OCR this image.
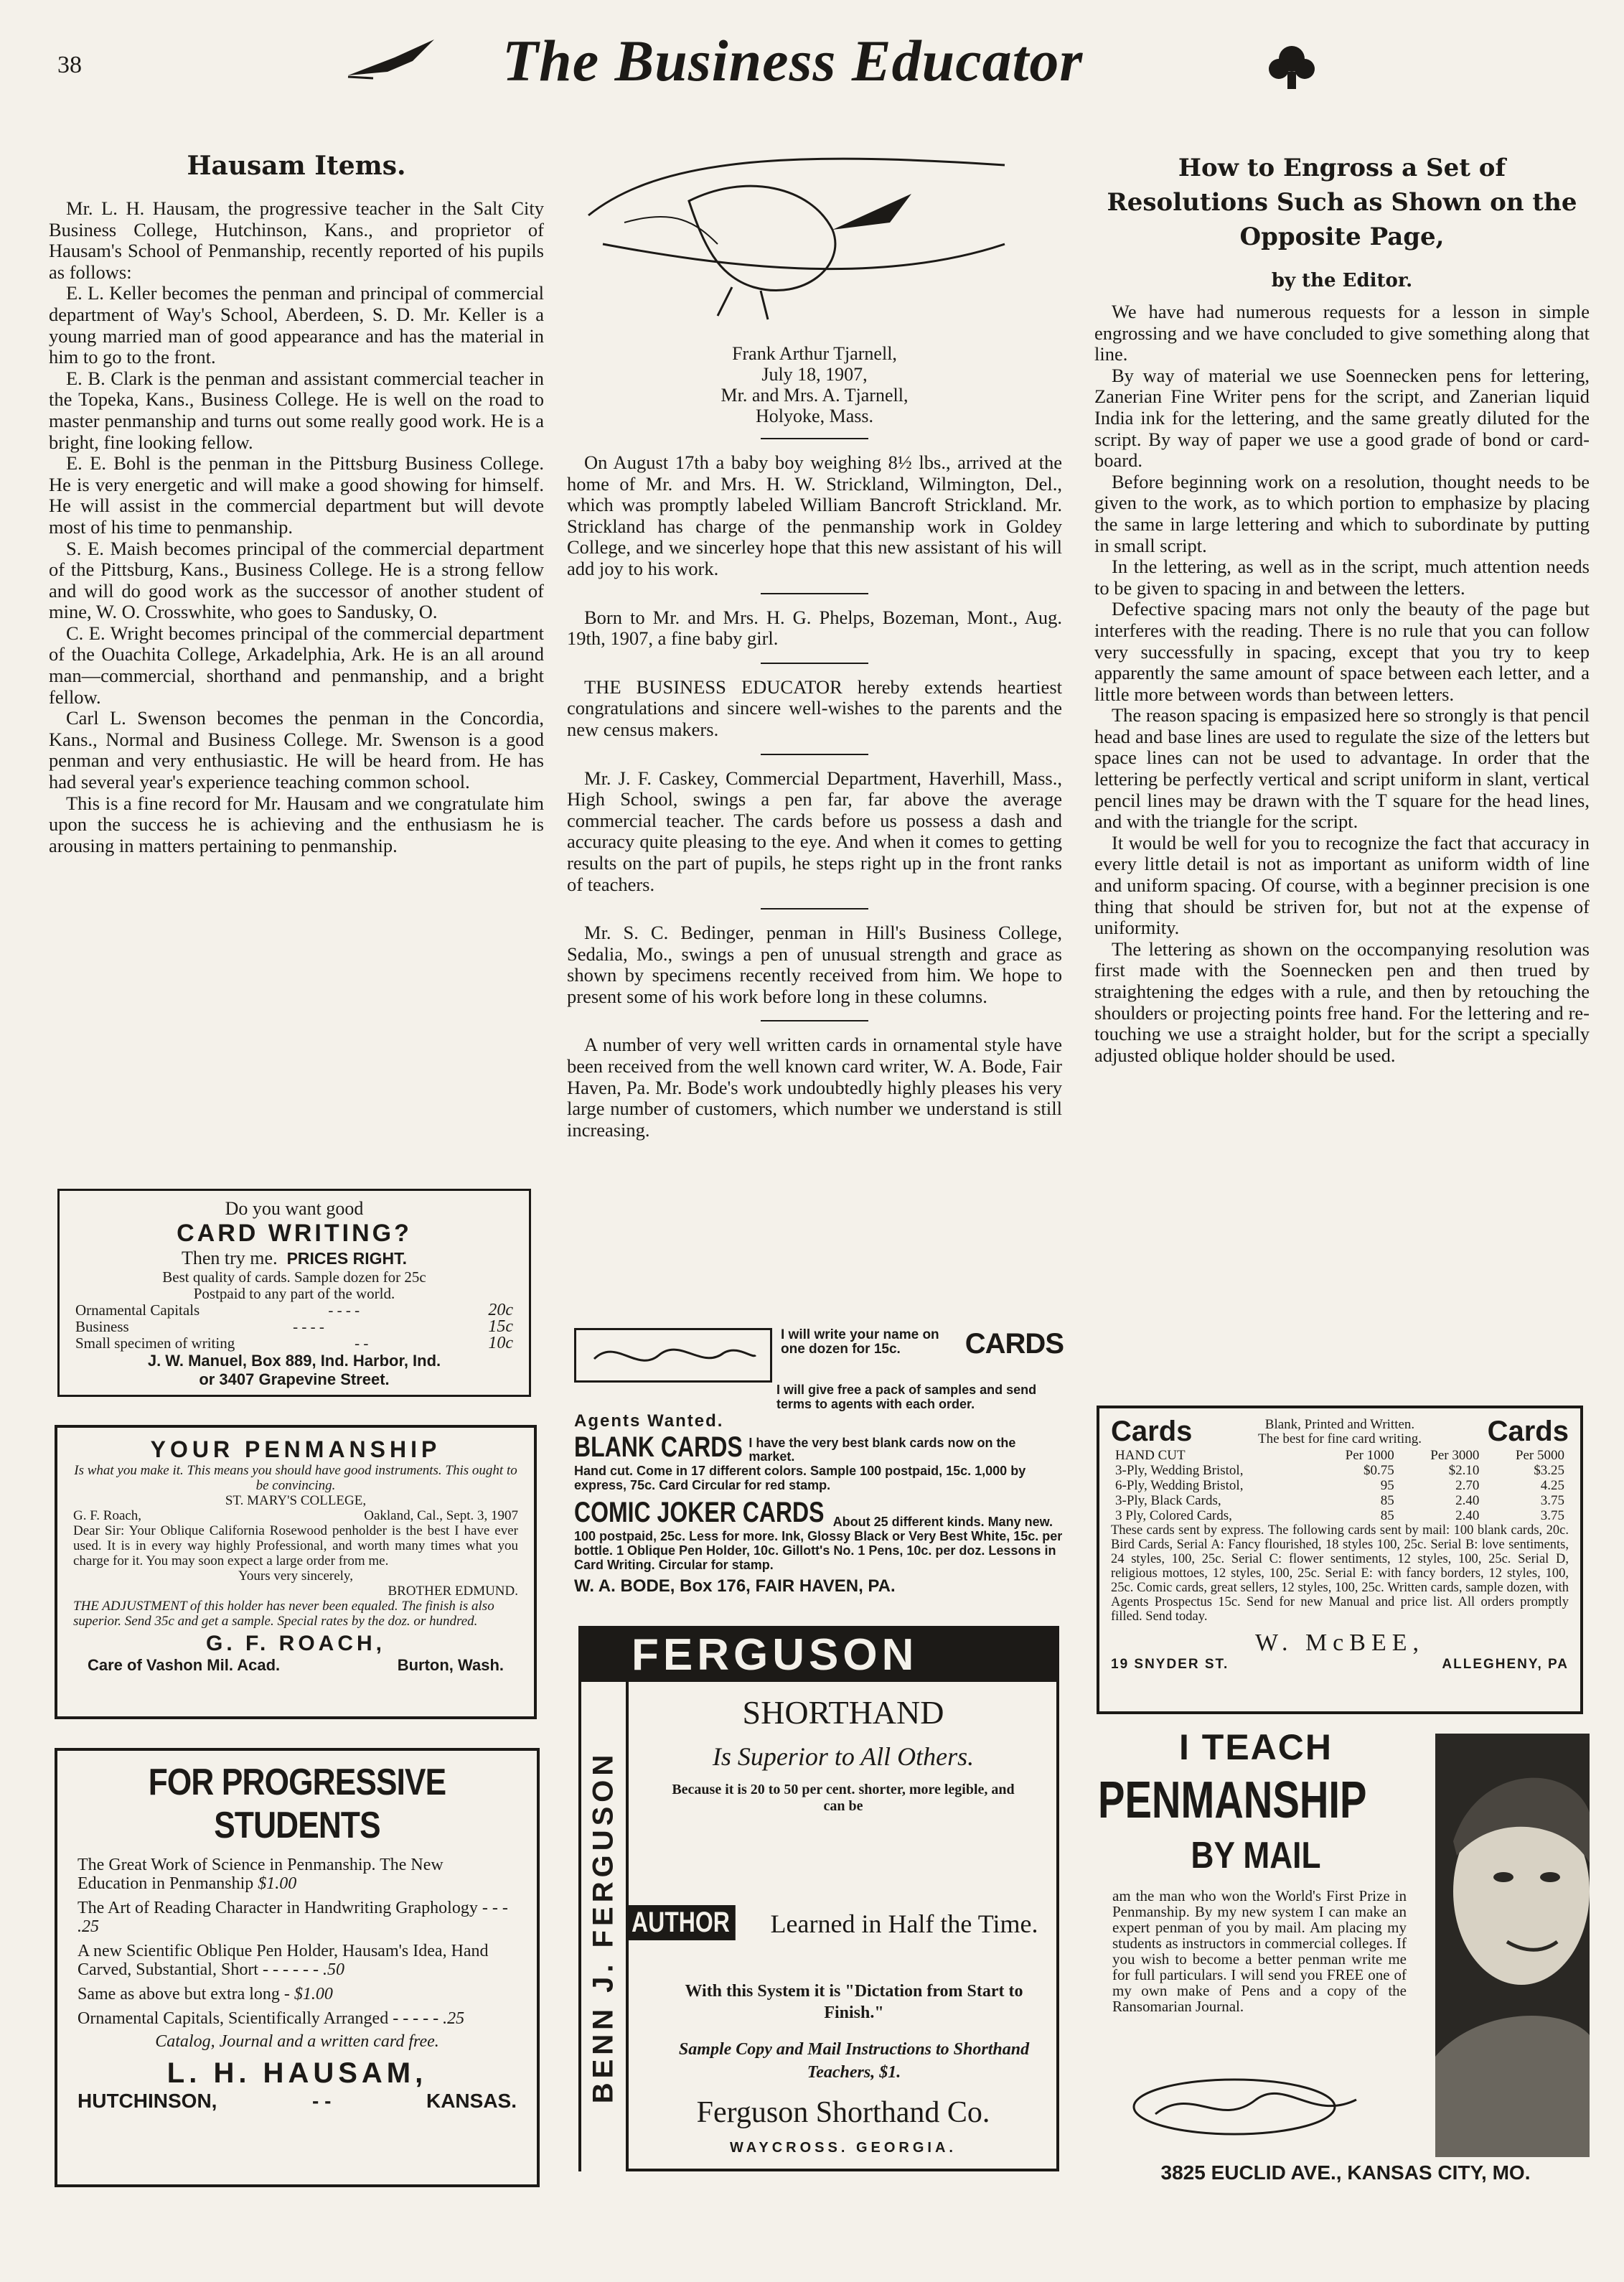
38	The Business Educator
Hausam Items.

Mr. L. H. Hausam, the progressive teacher in the Salt City Business College, Hutchinson, Kans., and proprietor of Hausam's School of Penmanship, recently reported of his pupils as follows:

E. L. Keller becomes the penman and principal of commercial department of Way's School, Aberdeen, S. D. Mr. Keller is a young married man of good appearance and has the material in him to go to the front.

E. B. Clark is the penman and assistant commercial teacher in the Topeka, Kans., Business College. He is well on the road to master penmanship and turns out some really good work. He is a bright, fine looking fellow.

E. E. Bohl is the penman in the Pittsburg Business College. He is very energetic and will make a good showing for himself. He will assist in the commercial department but will devote most of his time to penmanship.

S. E. Maish becomes principal of the commercial department of the Pittsburg, Kans., Business College. He is a strong fellow and will do good work as the successor of another student of mine, W. O. Crosswhite, who goes to Sandusky, O.

C. E. Wright becomes principal of the commercial department of the Ouachita College, Arkadelphia, Ark. He is an all around man—commercial, shorthand and penmanship, and a bright fellow.

Carl L. Swenson becomes the penman in the Concordia, Kans., Normal and Business College. Mr. Swenson is a good penman and very enthusiastic. He will be heard from. He has had several year's experience teaching common school.

This is a fine record for Mr. Hausam and we congratulate him upon the success he is achieving and the enthusiasm he is arousing in matters pertaining to penmanship.

Do you want good
CARD WRITING?
Then try me. PRICES RIGHT.
Best quality of cards. Sample dozen for 25c
Postpaid to any part of the world.
Ornamental Capitals	- - - -	20c
Business	- - - -	15c
Small specimen of writing	- -	10c
J. W. Manuel, Box 889, Ind. Harbor, Ind.
or 3407 Grapevine Street.
YOUR PENMANSHIP
Is what you make it. This means you should have good instruments. This ought to be convincing.
ST. MARY'S COLLEGE,
G. F. Roach,	Oakland, Cal., Sept. 3, 1907
Dear Sir: Your Oblique California Rosewood penholder is the best I have ever used. It is in every way highly Professional, and worth many times what you charge for it. You may soon expect a large order from me.
Yours very sincerely,
BROTHER EDMUND.
THE ADJUSTMENT of this holder has never been equaled. The finish is also superior. Send 35c and get a sample. Special rates by the doz. or hundred.
G. F. ROACH,
Care of Vashon Mil. Acad.	Burton, Wash.
FOR PROGRESSIVE STUDENTS
The Great Work of Science in Penmanship. The New Education in Penmanship $1.00
The Art of Reading Character in Handwriting Graphology - - - .25
A new Scientific Oblique Pen Holder, Hausam's Idea, Hand Carved, Substantial, Short - - - - - - .50
Same as above but extra long - $1.00
Ornamental Capitals, Scientifically Arranged - - - - - .25
Catalog, Journal and a written card free.
L. H. HAUSAM,
HUTCHINSON,	- -	KANSAS.
Frank Arthur Tjarnell,
July 18, 1907,
Mr. and Mrs. A. Tjarnell,
Holyoke, Mass.

On August 17th a baby boy weighing 8½ lbs., arrived at the home of Mr. and Mrs. H. W. Strickland, Wilmington, Del., which was promptly labeled William Bancroft Strickland. Mr. Strickland has charge of the penmanship work in Goldey College, and we sincerley hope that this new assistant of his will add joy to his work.

Born to Mr. and Mrs. H. G. Phelps, Bozeman, Mont., Aug. 19th, 1907, a fine baby girl.

THE BUSINESS EDUCATOR hereby extends heartiest congratulations and sincere well-wishes to the parents and the new census makers.

Mr. J. F. Caskey, Commercial Department, Haverhill, Mass., High School, swings a pen far, far above the average commercial teacher. The cards before us possess a dash and accuracy quite pleasing to the eye. And when it comes to getting results on the part of pupils, he steps right up in the front ranks of teachers.

Mr. S. C. Bedinger, penman in Hill's Business College, Sedalia, Mo., swings a pen of unusual strength and grace as shown by specimens recently received from him. We hope to present some of his work before long in these columns.

A number of very well written cards in ornamental style have been received from the well known card writer, W. A. Bode, Fair Haven, Pa. Mr. Bode's work undoubtedly highly pleases his very large number of customers, which number we understand is still increasing.

I will write your name on one dozen for 15c.	CARDS
I will give free a pack of samples and send terms to agents with each order.
Agents Wanted.
BLANK CARDS I have the very best blank cards now on the market.
Hand cut. Come in 17 different colors. Sample 100 postpaid, 15c. 1,000 by express, 75c. Card Circular for red stamp.
COMIC JOKER CARDS About 25 different kinds. Many new.
100 postpaid, 25c. Less for more. Ink, Glossy Black or Very Best White, 15c. per bottle. 1 Oblique Pen Holder, 10c. Gillott's No. 1 Pens, 10c. per doz. Lessons in Card Writing. Circular for stamp.
W. A. BODE, Box 176, FAIR HAVEN, PA.
FERGUSON
BENN J. FERGUSON
SHORTHAND
Is Superior to All Others.
Because it is 20 to 50 per cent. shorter, more legible, and can be
AUTHOR	Learned in Half the Time.
With this System it is "Dictation from Start to Finish."
Sample Copy and Mail Instructions to Shorthand Teachers, $1.
Ferguson Shorthand Co.
WAYCROSS. GEORGIA.
How to Engross a Set of Resolutions Such as Shown on the Opposite Page,
by the Editor.

We have had numerous requests for a lesson in simple engrossing and we have concluded to give something along that line.

By way of material we use Soennecken pens for lettering, Zanerian Fine Writer pens for the script, and Zanerian liquid India ink for the lettering, and the same greatly diluted for the script. By way of paper we use a good grade of bond or card-board.

Before beginning work on a resolution, thought needs to be given to the work, as to which portion to emphasize by placing the same in large lettering and which to subordinate by putting in small script.

In the lettering, as well as in the script, much attention needs to be given to spacing in and between the letters.

Defective spacing mars not only the beauty of the page but interferes with the reading. There is no rule that you can follow very successfully in spacing, except that you try to keep apparently the same amount of space between each letter, and a little more between words than between letters.

The reason spacing is empasized here so strongly is that pencil head and base lines are used to regulate the size of the letters but space lines can not be used to advantage. In order that the lettering be perfectly vertical and script uniform in slant, vertical pencil lines may be drawn with the T square for the head lines, and with the triangle for the script.

It would be well for you to recognize the fact that accuracy in every little detail is not as important as uniform width of line and uniform spacing. Of course, with a beginner precision is one thing that should be striven for, but not at the expense of uniformity.

The lettering as shown on the occompanying resolution was first made with the Soennecken pen and then trued by straightening the edges with a rule, and then by retouching the shoulders or projecting points free hand. For the lettering and re-touching we use a straight holder, but for the script a specially adjusted oblique holder should be used.

Cards	Blank, Printed and Written.
The best for fine card writing. Cards
HAND CUT	Per 1000	Per 3000	Per 5000
3-Ply, Wedding Bristol,	$0.75	$2.10	$3.25
6-Ply, Wedding Bristol,	95	2.70	4.25
3-Ply, Black Cards,	85	2.40	3.75
3 Ply, Colored Cards,	85	2.40	3.75
These cards sent by express. The following cards sent by mail: 100 blank cards, 20c. Bird Cards, Serial A: Fancy flourished, 18 styles 100, 25c. Serial B: love sentiments, 24 styles, 100, 25c. Serial C: flower sentiments, 12 styles, 100, 25c. Serial D, religious mottoes, 12 styles, 100, 25c. Serial E: with fancy borders, 12 styles, 100, 25c. Comic cards, great sellers, 12 styles, 100, 25c. Written cards, sample dozen, with Agents Prospectus 15c. Send for new Manual and price list. All orders promptly filled. Send today.
W. McBEE,
19 SNYDER ST.	ALLEGHENY, PA
I TEACH
PENMANSHIP
BY MAIL
am the man who won the World's First Prize in Penmanship. By my new system I can make an expert penman of you by mail. Am placing my students as instructors in commercial colleges. If you wish to become a better penman write me for full particulars. I will send you FREE one of my own make of Pens and a copy of the Ransomarian Journal.
3825 EUCLID AVE., KANSAS CITY, MO.
